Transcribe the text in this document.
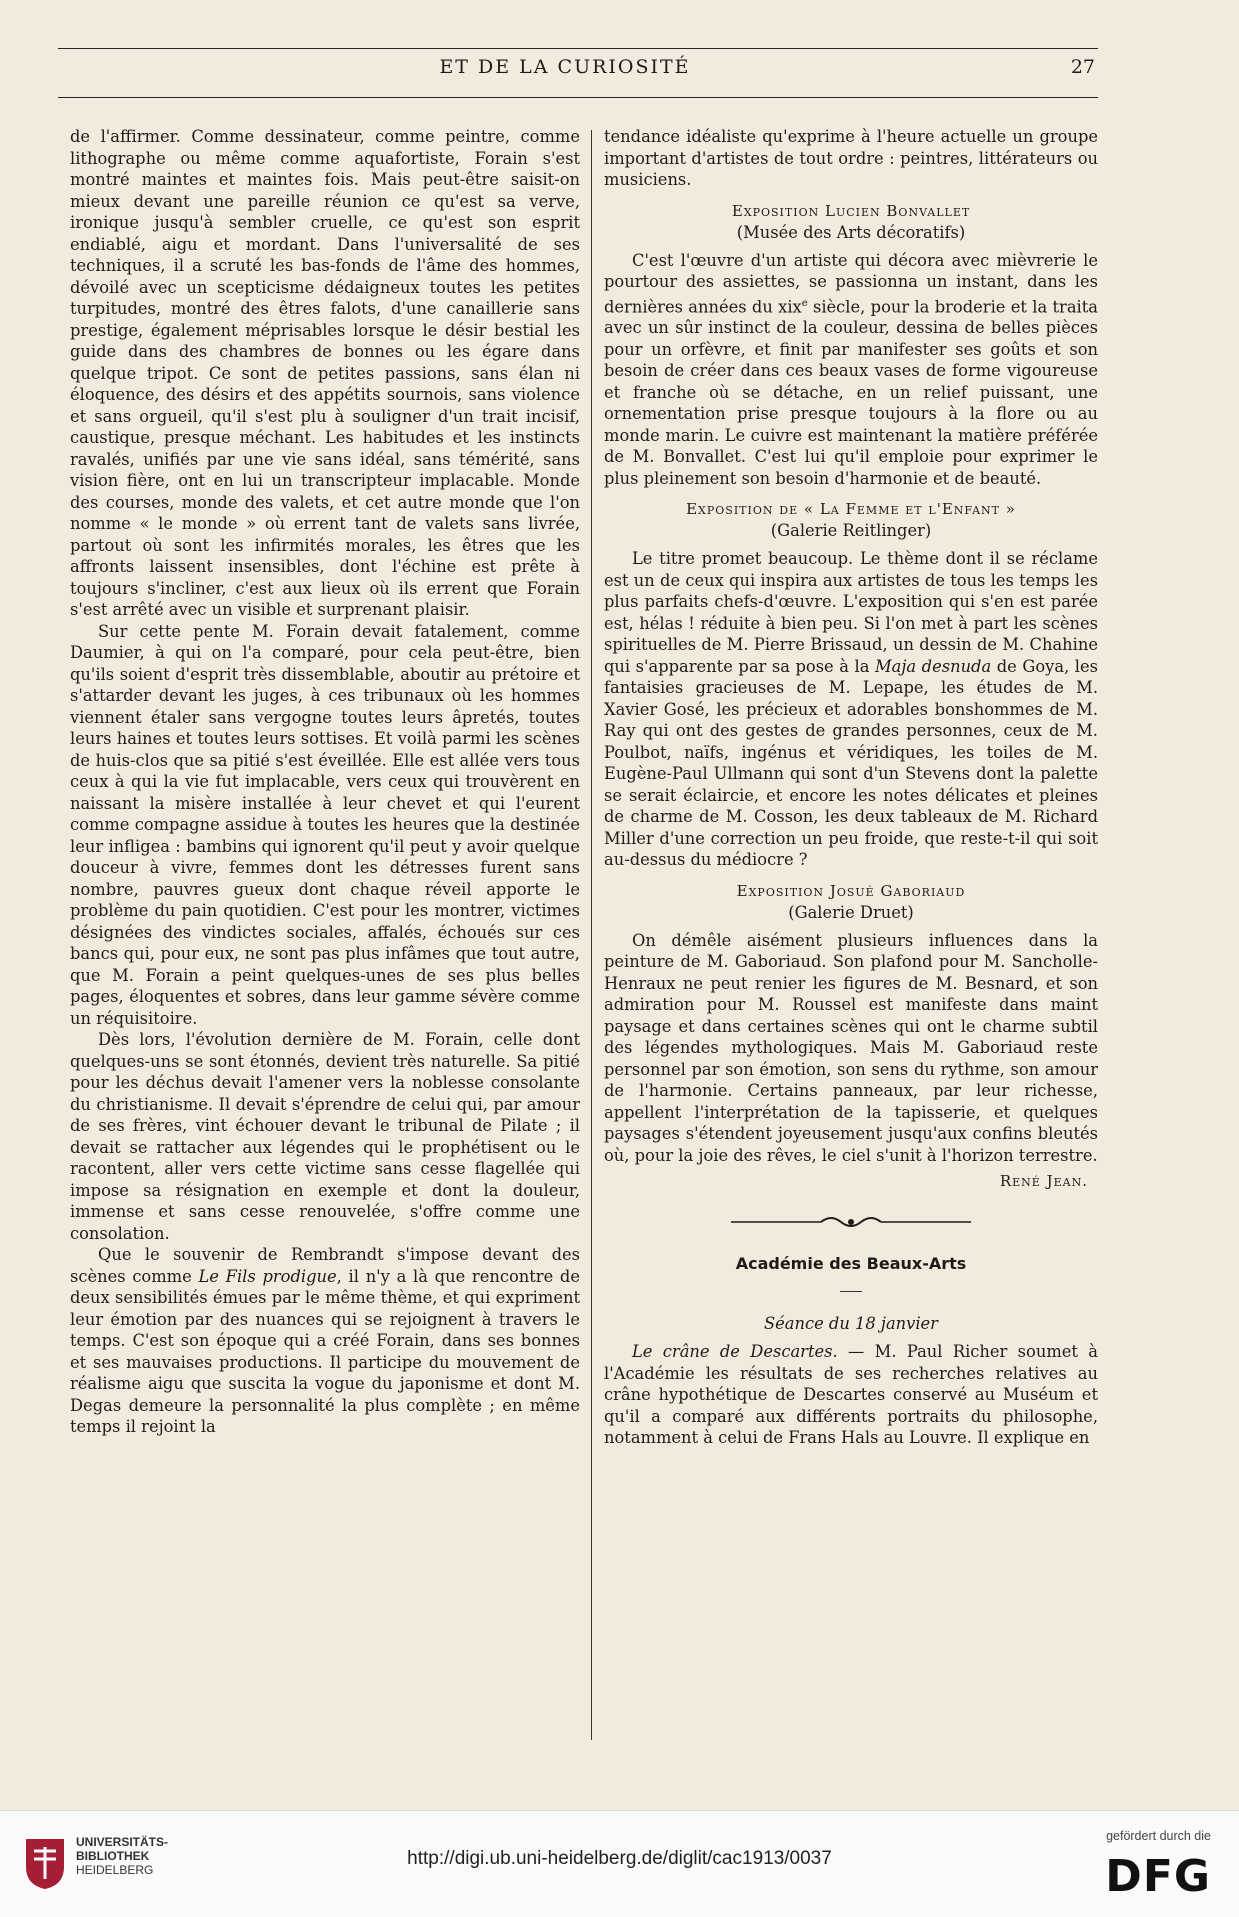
ET DE LA CURIOSITÉ	27

de l'affirmer. Comme dessinateur, comme peintre, comme lithographe ou même comme aquafortiste, Forain s'est montré maintes et maintes fois. Mais peut-être saisit-on mieux devant une pareille réunion ce qu'est sa verve, ironique jusqu'à sembler cruelle, ce qu'est son esprit endiablé, aigu et mordant. Dans l'universalité de ses techniques, il a scruté les bas-fonds de l'âme des hommes, dévoilé avec un scepticisme dédaigneux toutes les petites turpitudes, montré des êtres falots, d'une canaillerie sans prestige, également méprisables lorsque le désir bestial les guide dans des chambres de bonnes ou les égare dans quelque tripot. Ce sont de petites passions, sans élan ni éloquence, des désirs et des appétits sournois, sans violence et sans orgueil, qu'il s'est plu à souligner d'un trait incisif, caustique, presque méchant. Les habitudes et les instincts ravalés, unifiés par une vie sans idéal, sans témérité, sans vision fière, ont en lui un transcripteur implacable. Monde des courses, monde des valets, et cet autre monde que l'on nomme « le monde » où errent tant de valets sans livrée, partout où sont les infirmités morales, les êtres que les affronts laissent insensibles, dont l'échine est prête à toujours s'incliner, c'est aux lieux où ils errent que Forain s'est arrêté avec un visible et surprenant plaisir.

Sur cette pente M. Forain devait fatalement, comme Daumier, à qui on l'a comparé, pour cela peut-être, bien qu'ils soient d'esprit très dissemblable, aboutir au prétoire et s'attarder devant les juges, à ces tribunaux où les hommes viennent étaler sans vergogne toutes leurs âpretés, toutes leurs haines et toutes leurs sottises. Et voilà parmi les scènes de huis-clos que sa pitié s'est éveillée. Elle est allée vers tous ceux à qui la vie fut implacable, vers ceux qui trouvèrent en naissant la misère installée à leur chevet et qui l'eurent comme compagne assidue à toutes les heures que la destinée leur infligea : bambins qui ignorent qu'il peut y avoir quelque douceur à vivre, femmes dont les détresses furent sans nombre, pauvres gueux dont chaque réveil apporte le problème du pain quotidien. C'est pour les montrer, victimes désignées des vindictes sociales, affalés, échoués sur ces bancs qui, pour eux, ne sont pas plus infâmes que tout autre, que M. Forain a peint quelques-unes de ses plus belles pages, éloquentes et sobres, dans leur gamme sévère comme un réquisitoire.

Dès lors, l'évolution dernière de M. Forain, celle dont quelques-uns se sont étonnés, devient très naturelle. Sa pitié pour les déchus devait l'amener vers la noblesse consolante du christianisme. Il devait s'éprendre de celui qui, par amour de ses frères, vint échouer devant le tribunal de Pilate ; il devait se rattacher aux légendes qui le prophétisent ou le racontent, aller vers cette victime sans cesse flagellée qui impose sa résignation en exemple et dont la douleur, immense et sans cesse renouvelée, s'offre comme une consolation.

Que le souvenir de Rembrandt s'impose devant des scènes comme Le Fils prodigue, il n'y a là que rencontre de deux sensibilités émues par le même thème, et qui expriment leur émotion par des nuances qui se rejoignent à travers le temps. C'est son époque qui a créé Forain, dans ses bonnes et ses mauvaises productions. Il participe du mouvement de réalisme aigu que suscita la vogue du japonisme et dont M. Degas demeure la personnalité la plus complète ; en même temps il rejoint la

tendance idéaliste qu'exprime à l'heure actuelle un groupe important d'artistes de tout ordre : peintres, littérateurs ou musiciens.

Exposition Lucien Bonvallet
(Musée des Arts décoratifs)

C'est l'œuvre d'un artiste qui décora avec mièvrerie le pourtour des assiettes, se passionna un instant, dans les dernières années du xix$^e$ siècle, pour la broderie et la traita avec un sûr instinct de la couleur, dessina de belles pièces pour un orfèvre, et finit par manifester ses goûts et son besoin de créer dans ces beaux vases de forme vigoureuse et franche où se détache, en un relief puissant, une ornementation prise presque toujours à la flore ou au monde marin. Le cuivre est maintenant la matière préférée de M. Bonvallet. C'est lui qu'il emploie pour exprimer le plus pleinement son besoin d'harmonie et de beauté.

Exposition de « La Femme et l'Enfant »
(Galerie Reitlinger)

Le titre promet beaucoup. Le thème dont il se réclame est un de ceux qui inspira aux artistes de tous les temps les plus parfaits chefs-d'œuvre. L'exposition qui s'en est parée est, hélas ! réduite à bien peu. Si l'on met à part les scènes spirituelles de M. Pierre Brissaud, un dessin de M. Chahine qui s'apparente par sa pose à la Maja desnuda de Goya, les fantaisies gracieuses de M. Lepape, les études de M. Xavier Gosé, les précieux et adorables bonshommes de M. Ray qui ont des gestes de grandes personnes, ceux de M. Poulbot, naïfs, ingénus et véridiques, les toiles de M. Eugène-Paul Ullmann qui sont d'un Stevens dont la palette se serait éclaircie, et encore les notes délicates et pleines de charme de M. Cosson, les deux tableaux de M. Richard Miller d'une correction un peu froide, que reste-t-il qui soit au-dessus du médiocre ?

Exposition Josué Gaboriaud
(Galerie Druet)

On démêle aisément plusieurs influences dans la peinture de M. Gaboriaud. Son plafond pour M. Sancholle-Henraux ne peut renier les figures de M. Besnard, et son admiration pour M. Roussel est manifeste dans maint paysage et dans certaines scènes qui ont le charme subtil des légendes mythologiques. Mais M. Gaboriaud reste personnel par son émotion, son sens du rythme, son amour de l'harmonie. Certains panneaux, par leur richesse, appellent l'interprétation de la tapisserie, et quelques paysages s'étendent joyeusement jusqu'aux confins bleutés où, pour la joie des rêves, le ciel s'unit à l'horizon terrestre.

René Jean.
Académie des Beaux-Arts
Séance du 18 janvier

Le crâne de Descartes. — M. Paul Richer soumet à l'Académie les résultats de ses recherches relatives au crâne hypothétique de Descartes conservé au Muséum et qu'il a comparé aux différents portraits du philosophe, notamment à celui de Frans Hals au Louvre. Il explique en

UNIVERSITÄTS-
BIBLIOTHEK
HEIDELBERG
http://digi.ub.uni-heidelberg.de/diglit/cac1913/0037
gefördert durch die
DFG
